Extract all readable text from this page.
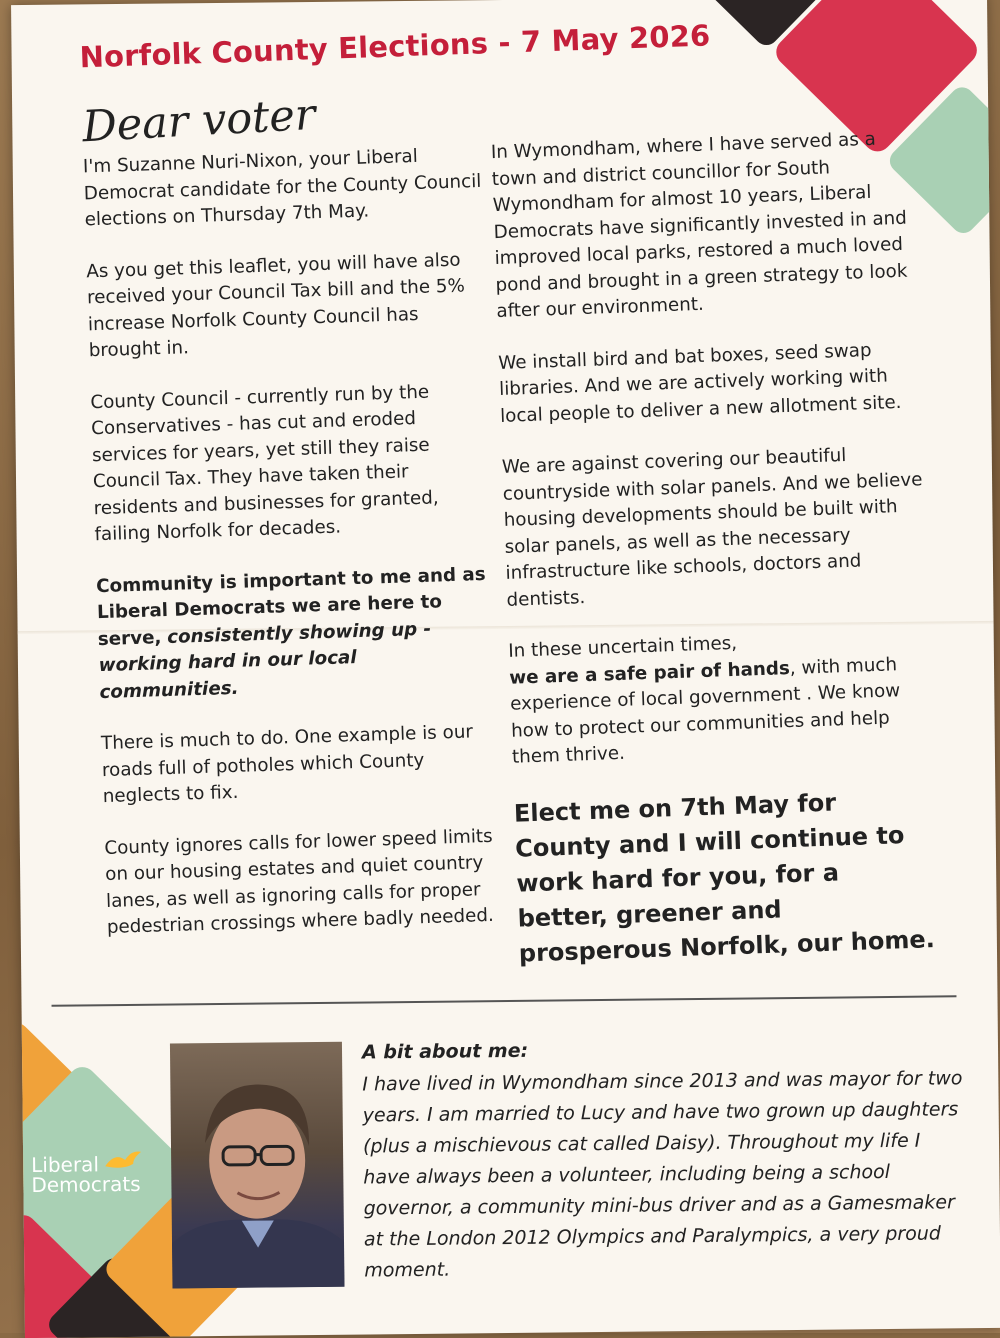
Norfolk County Elections - 7 May 2026
Dear voter

I'm Suzanne Nuri-Nixon, your Liberal Democrat candidate for the County Council elections on Thursday 7th May.

As you get this leaflet, you will have also received your Council Tax bill and the 5% increase Norfolk County Council has brought in.

County Council - currently run by the Conservatives - has cut and eroded services for years, yet still they raise Council Tax. They have taken their residents and businesses for granted, failing Norfolk for decades.

Community is important to me and as Liberal Democrats we are here to serve, consistently showing up - working hard in our local communities.

There is much to do. One example is our roads full of potholes which County neglects to fix.

County ignores calls for lower speed limits on our housing estates and quiet country lanes, as well as ignoring calls for proper pedestrian crossings where badly needed.

In Wymondham, where I have served as a town and district councillor for South Wymondham for almost 10 years, Liberal Democrats have significantly invested in and improved local parks, restored a much loved pond and brought in a green strategy to look after our environment.

We install bird and bat boxes, seed swap libraries. And we are actively working with local people to deliver a new allotment site.

We are against covering our beautiful countryside with solar panels. And we believe housing developments should be built with solar panels, as well as the necessary infrastructure like schools, doctors and dentists.

In these uncertain times,
we are a safe pair of hands, with much experience of local government . We know how to protect our communities and help them thrive.

Elect me on 7th May for County and I will continue to work hard for you, for a better, greener and prosperous Norfolk, our home.
A bit about me:
I have lived in Wymondham since 2013 and was mayor for two years. I am married to Lucy and have two grown up daughters (plus a mischievous cat called Daisy). Throughout my life I have always been a volunteer, including being a school governor, a community mini-bus driver and as a Gamesmaker at the London 2012 Olympics and Paralympics, a very proud moment.
Liberal
Democrats
